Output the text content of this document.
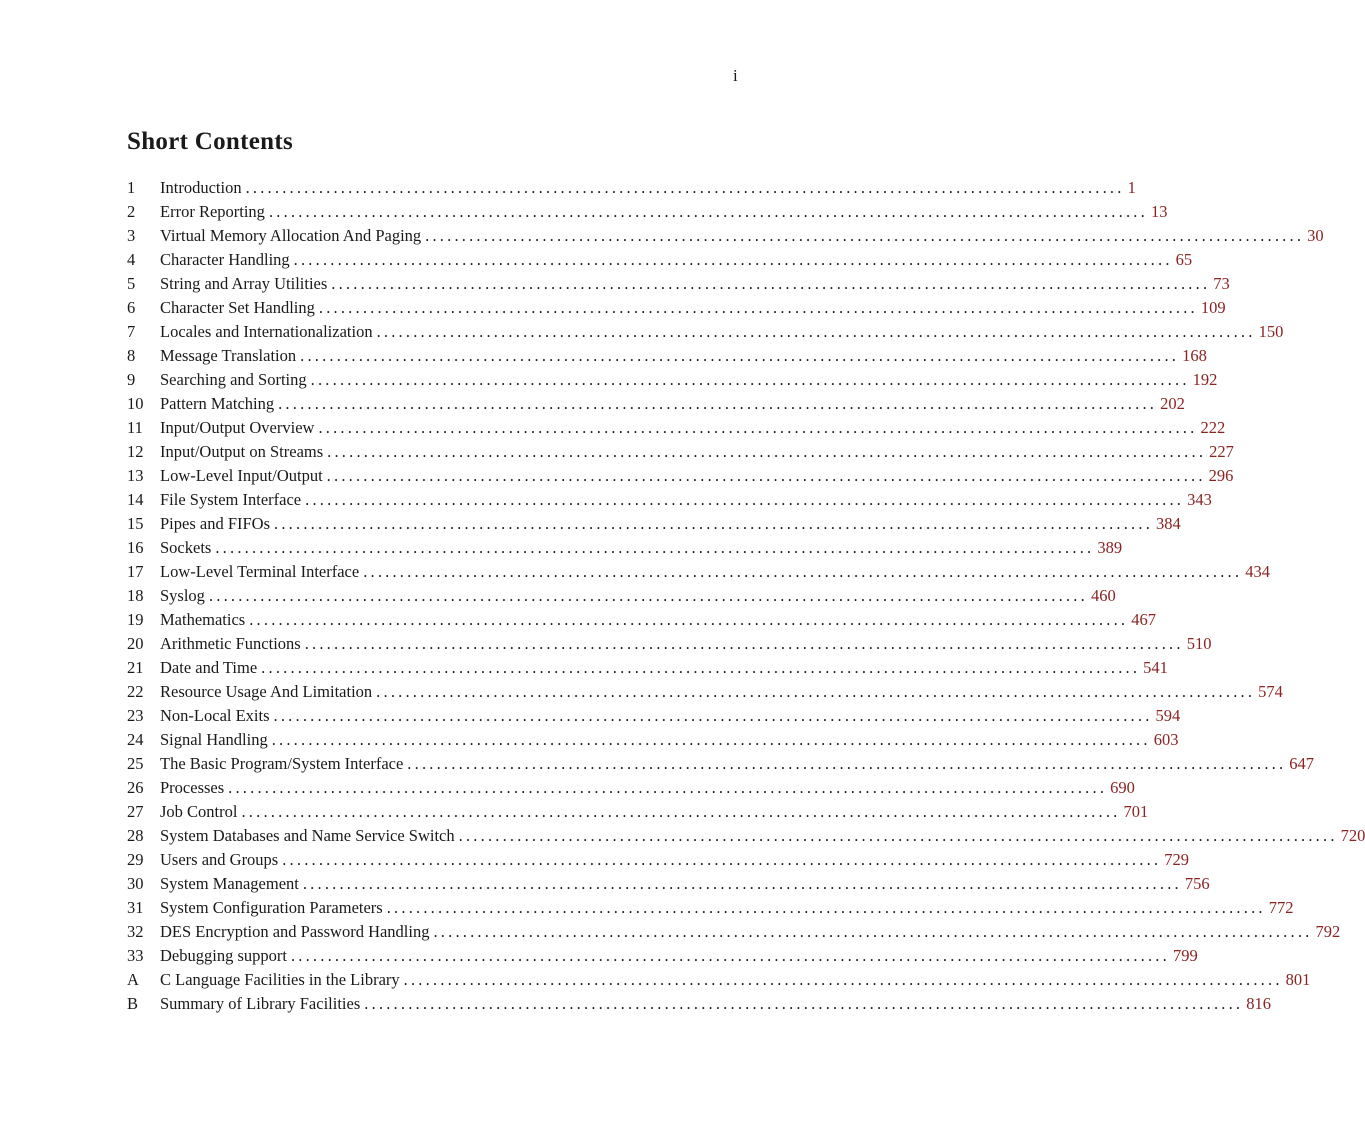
i
Short Contents
1	Introduction ........................................................................................................................ 1
2	Error Reporting ........................................................................................................................ 13
3	Virtual Memory Allocation And Paging ........................................................................................................................ 30
4	Character Handling ........................................................................................................................ 65
5	String and Array Utilities ........................................................................................................................ 73
6	Character Set Handling ........................................................................................................................ 109
7	Locales and Internationalization ........................................................................................................................ 150
8	Message Translation ........................................................................................................................ 168
9	Searching and Sorting ........................................................................................................................ 192
10	Pattern Matching ........................................................................................................................ 202
11	Input/Output Overview ........................................................................................................................ 222
12	Input/Output on Streams ........................................................................................................................ 227
13	Low-Level Input/Output ........................................................................................................................ 296
14	File System Interface ........................................................................................................................ 343
15	Pipes and FIFOs ........................................................................................................................ 384
16	Sockets ........................................................................................................................ 389
17	Low-Level Terminal Interface ........................................................................................................................ 434
18	Syslog ........................................................................................................................ 460
19	Mathematics ........................................................................................................................ 467
20	Arithmetic Functions ........................................................................................................................ 510
21	Date and Time ........................................................................................................................ 541
22	Resource Usage And Limitation ........................................................................................................................ 574
23	Non-Local Exits ........................................................................................................................ 594
24	Signal Handling ........................................................................................................................ 603
25	The Basic Program/System Interface ........................................................................................................................ 647
26	Processes ........................................................................................................................ 690
27	Job Control ........................................................................................................................ 701
28	System Databases and Name Service Switch ........................................................................................................................ 720
29	Users and Groups ........................................................................................................................ 729
30	System Management ........................................................................................................................ 756
31	System Configuration Parameters ........................................................................................................................ 772
32	DES Encryption and Password Handling ........................................................................................................................ 792
33	Debugging support ........................................................................................................................ 799
A	C Language Facilities in the Library ........................................................................................................................ 801
B	Summary of Library Facilities ........................................................................................................................ 816
